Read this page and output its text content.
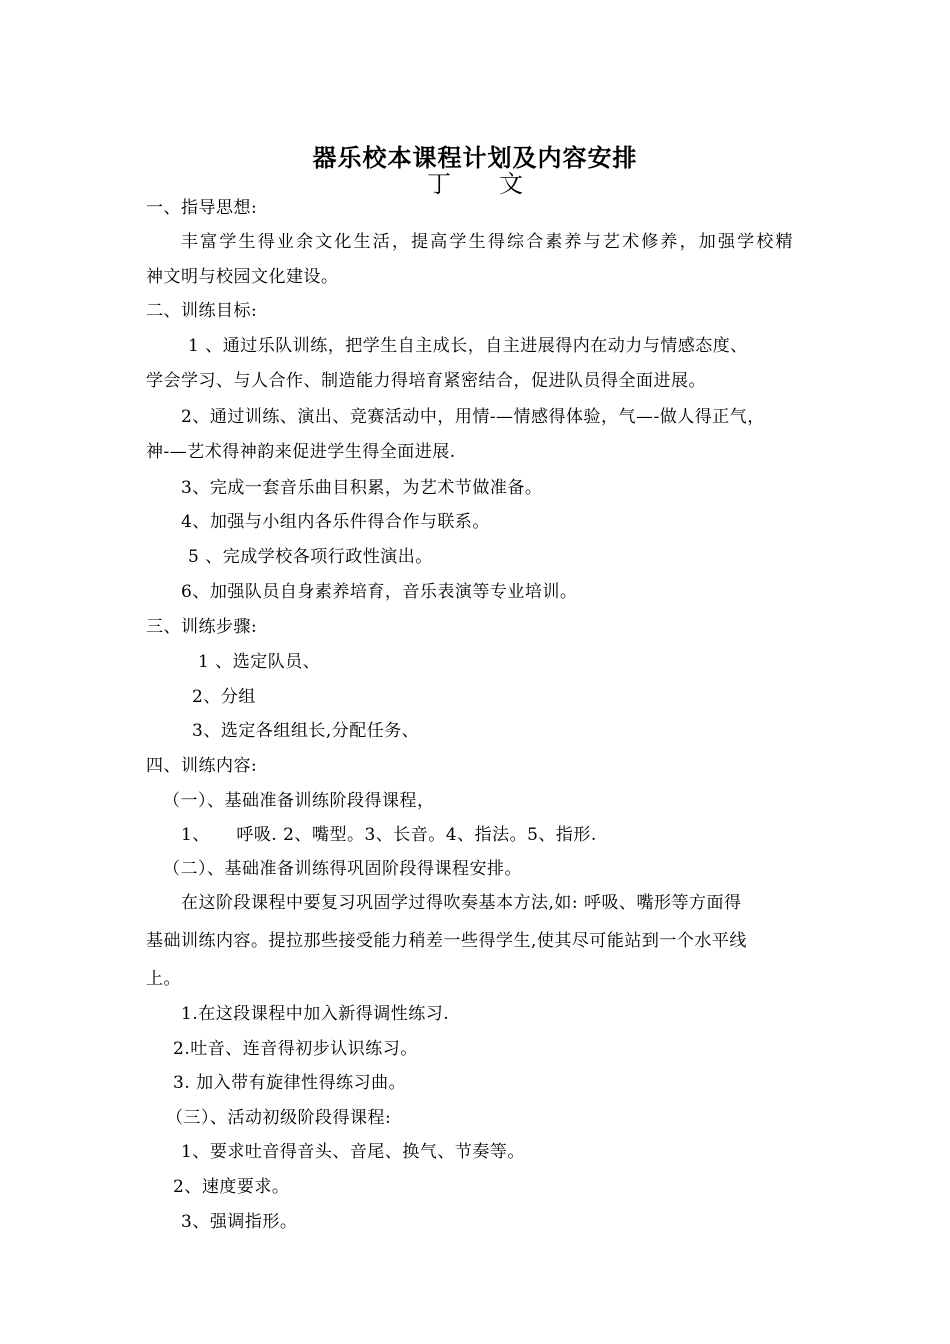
器乐校本课程计划及内容安排
丁　　文
一、指导思想:
丰富学生得业余文化生活，提高学生得综合素养与艺术修养，加强学校精
神文明与校园文化建设。
二、训练目标:
1 、通过乐队训练，把学生自主成长，自主进展得内在动力与情感态度、
学会学习、与人合作、制造能力得培育紧密结合，促进队员得全面进展。
2、通过训练、演出、竞赛活动中，用情-—情感得体验，气—-做人得正气，
神-—艺术得神韵来促进学生得全面进展.
3、完成一套音乐曲目积累，为艺术节做准备。
4、加强与小组内各乐件得合作与联系。
5 、完成学校各项行政性演出。
6、加强队员自身素养培育，音乐表演等专业培训。
三、训练步骤:
1 、选定队员、
2、分组
3、选定各组组长,分配任务、
四、训练内容:
（一）、基础准备训练阶段得课程，
1、　　呼吸. 2、嘴型。3、长音。4、指法。5、指形.
（二）、基础准备训练得巩固阶段得课程安排。
在这阶段课程中要复习巩固学过得吹奏基本方法,如: 呼吸、嘴形等方面得
基础训练内容。提拉那些接受能力稍差一些得学生,使其尽可能站到一个水平线
上。
1.在这段课程中加入新得调性练习.
2.吐音、连音得初步认识练习。
3. 加入带有旋律性得练习曲。
（三）、活动初级阶段得课程:
1、要求吐音得音头、音尾、换气、节奏等。
2、速度要求。
3、强调指形。
